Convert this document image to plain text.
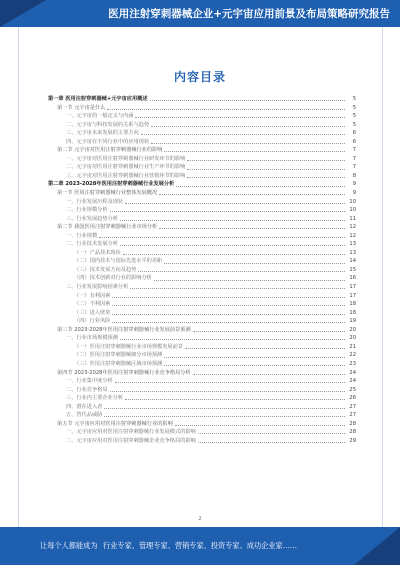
医用注射穿刺器械企业+元宇宙应用前景及布局策略研究报告
内容目录
第一章 医用注射穿刺器械+元宇宙应用概述	5
第一节 元宇宙是什么	5
一、元宇宙的一般定义与内涵	5
二、元宇宙与科技发展的关系与趋势	5
三、元宇宙未来发展的主要方向	6
四、元宇宙在不同行业中的应用现状	6
第二节 元宇宙对医用注射穿刺器械行业的影响	7
一、元宇宙对医用注射穿刺器械行业研发环节的影响	7
二、元宇宙对医用注射穿刺器械行业生产环节的影响	7
三、元宇宙对医用注射穿刺器械行业营销环节的影响	8
第二章 2023-2028年医用注射穿刺器械行业发展分析	9
第一节 医用注射穿刺器械行业整体发展概况	9
一、行业发展历程及现状	10
二、行业规模分析	10
三、行业发展趋势分析	11
第二节 我国医用注射穿刺器械行业市场分析	12
一、行业规模	12
二、行业技术发展分析	13
（一）产品技术现状	13
（二）国内技术与国际先进水平的差距	14
（三）技术发展方向及趋势	15
（四）技术创新对行业的影响分析	16
三、行业发展影响因素分析	17
（一）有利因素	17
（二）不利因素	18
（三）进入壁垒	18
（四）行业风险	19
第三节 2023-2028年医用注射穿刺器械行业发展前景预测	20
一、行业市场规模预测	20
（一）医用注射穿刺器械行业市场规模发展前景	21
（二）医用注射穿刺器械细分市场预测	22
（三）医用注射穿刺器械区域市场预测	23
第四节 2023-2028年医用注射穿刺器械行业竞争格局分析	24
一、行业集中度分析	24
二、行业竞争格局	25
三、行业内主要企业分析	26
四、潜在进入者	27
五、替代品威胁	27
第五节 元宇宙应用对医用注射穿刺器械行业的影响	28
一、元宇宙应用对医用注射穿刺器械行业发展模式的影响	28
二、元宇宙应用对医用注射穿刺器械企业竞争格局的影响	29
2
让每个人都能成为 行业专家、管理专家、营销专家、投资专家、成功企业家……
